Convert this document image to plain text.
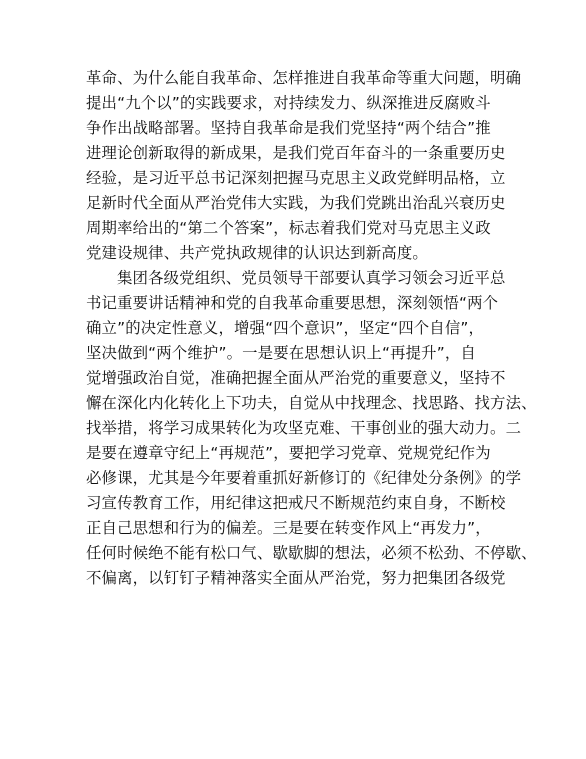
革命、为什么能自我革命、怎样推进自我革命等重大问题，明确
提出“九个以”的实践要求，对持续发力、纵深推进反腐败斗
争作出战略部署。坚持自我革命是我们党坚持“两个结合”推
进理论创新取得的新成果，是我们党百年奋斗的一条重要历史
经验，是习近平总书记深刻把握马克思主义政党鲜明品格，立
足新时代全面从严治党伟大实践，为我们党跳出治乱兴衰历史
周期率给出的“第二个答案”，标志着我们党对马克思主义政
党建设规律、共产党执政规律的认识达到新高度。
集团各级党组织、党员领导干部要认真学习领会习近平总
书记重要讲话精神和党的自我革命重要思想，深刻领悟“两个
确立”的决定性意义，增强“四个意识”，坚定“四个自信”，
坚决做到“两个维护”。一是要在思想认识上“再提升”，自
觉增强政治自觉，准确把握全面从严治党的重要意义，坚持不
懈在深化内化转化上下功夫，自觉从中找理念、找思路、找方法、
找举措，将学习成果转化为攻坚克难、干事创业的强大动力。二
是要在遵章守纪上“再规范”，要把学习党章、党规党纪作为
必修课，尤其是今年要着重抓好新修订的《纪律处分条例》的学
习宣传教育工作，用纪律这把戒尺不断规范约束自身，不断校
正自己思想和行为的偏差。三是要在转变作风上“再发力”，
任何时候绝不能有松口气、歇歇脚的想法，必须不松劲、不停歇、
不偏离，以钉钉子精神落实全面从严治党，努力把集团各级党
